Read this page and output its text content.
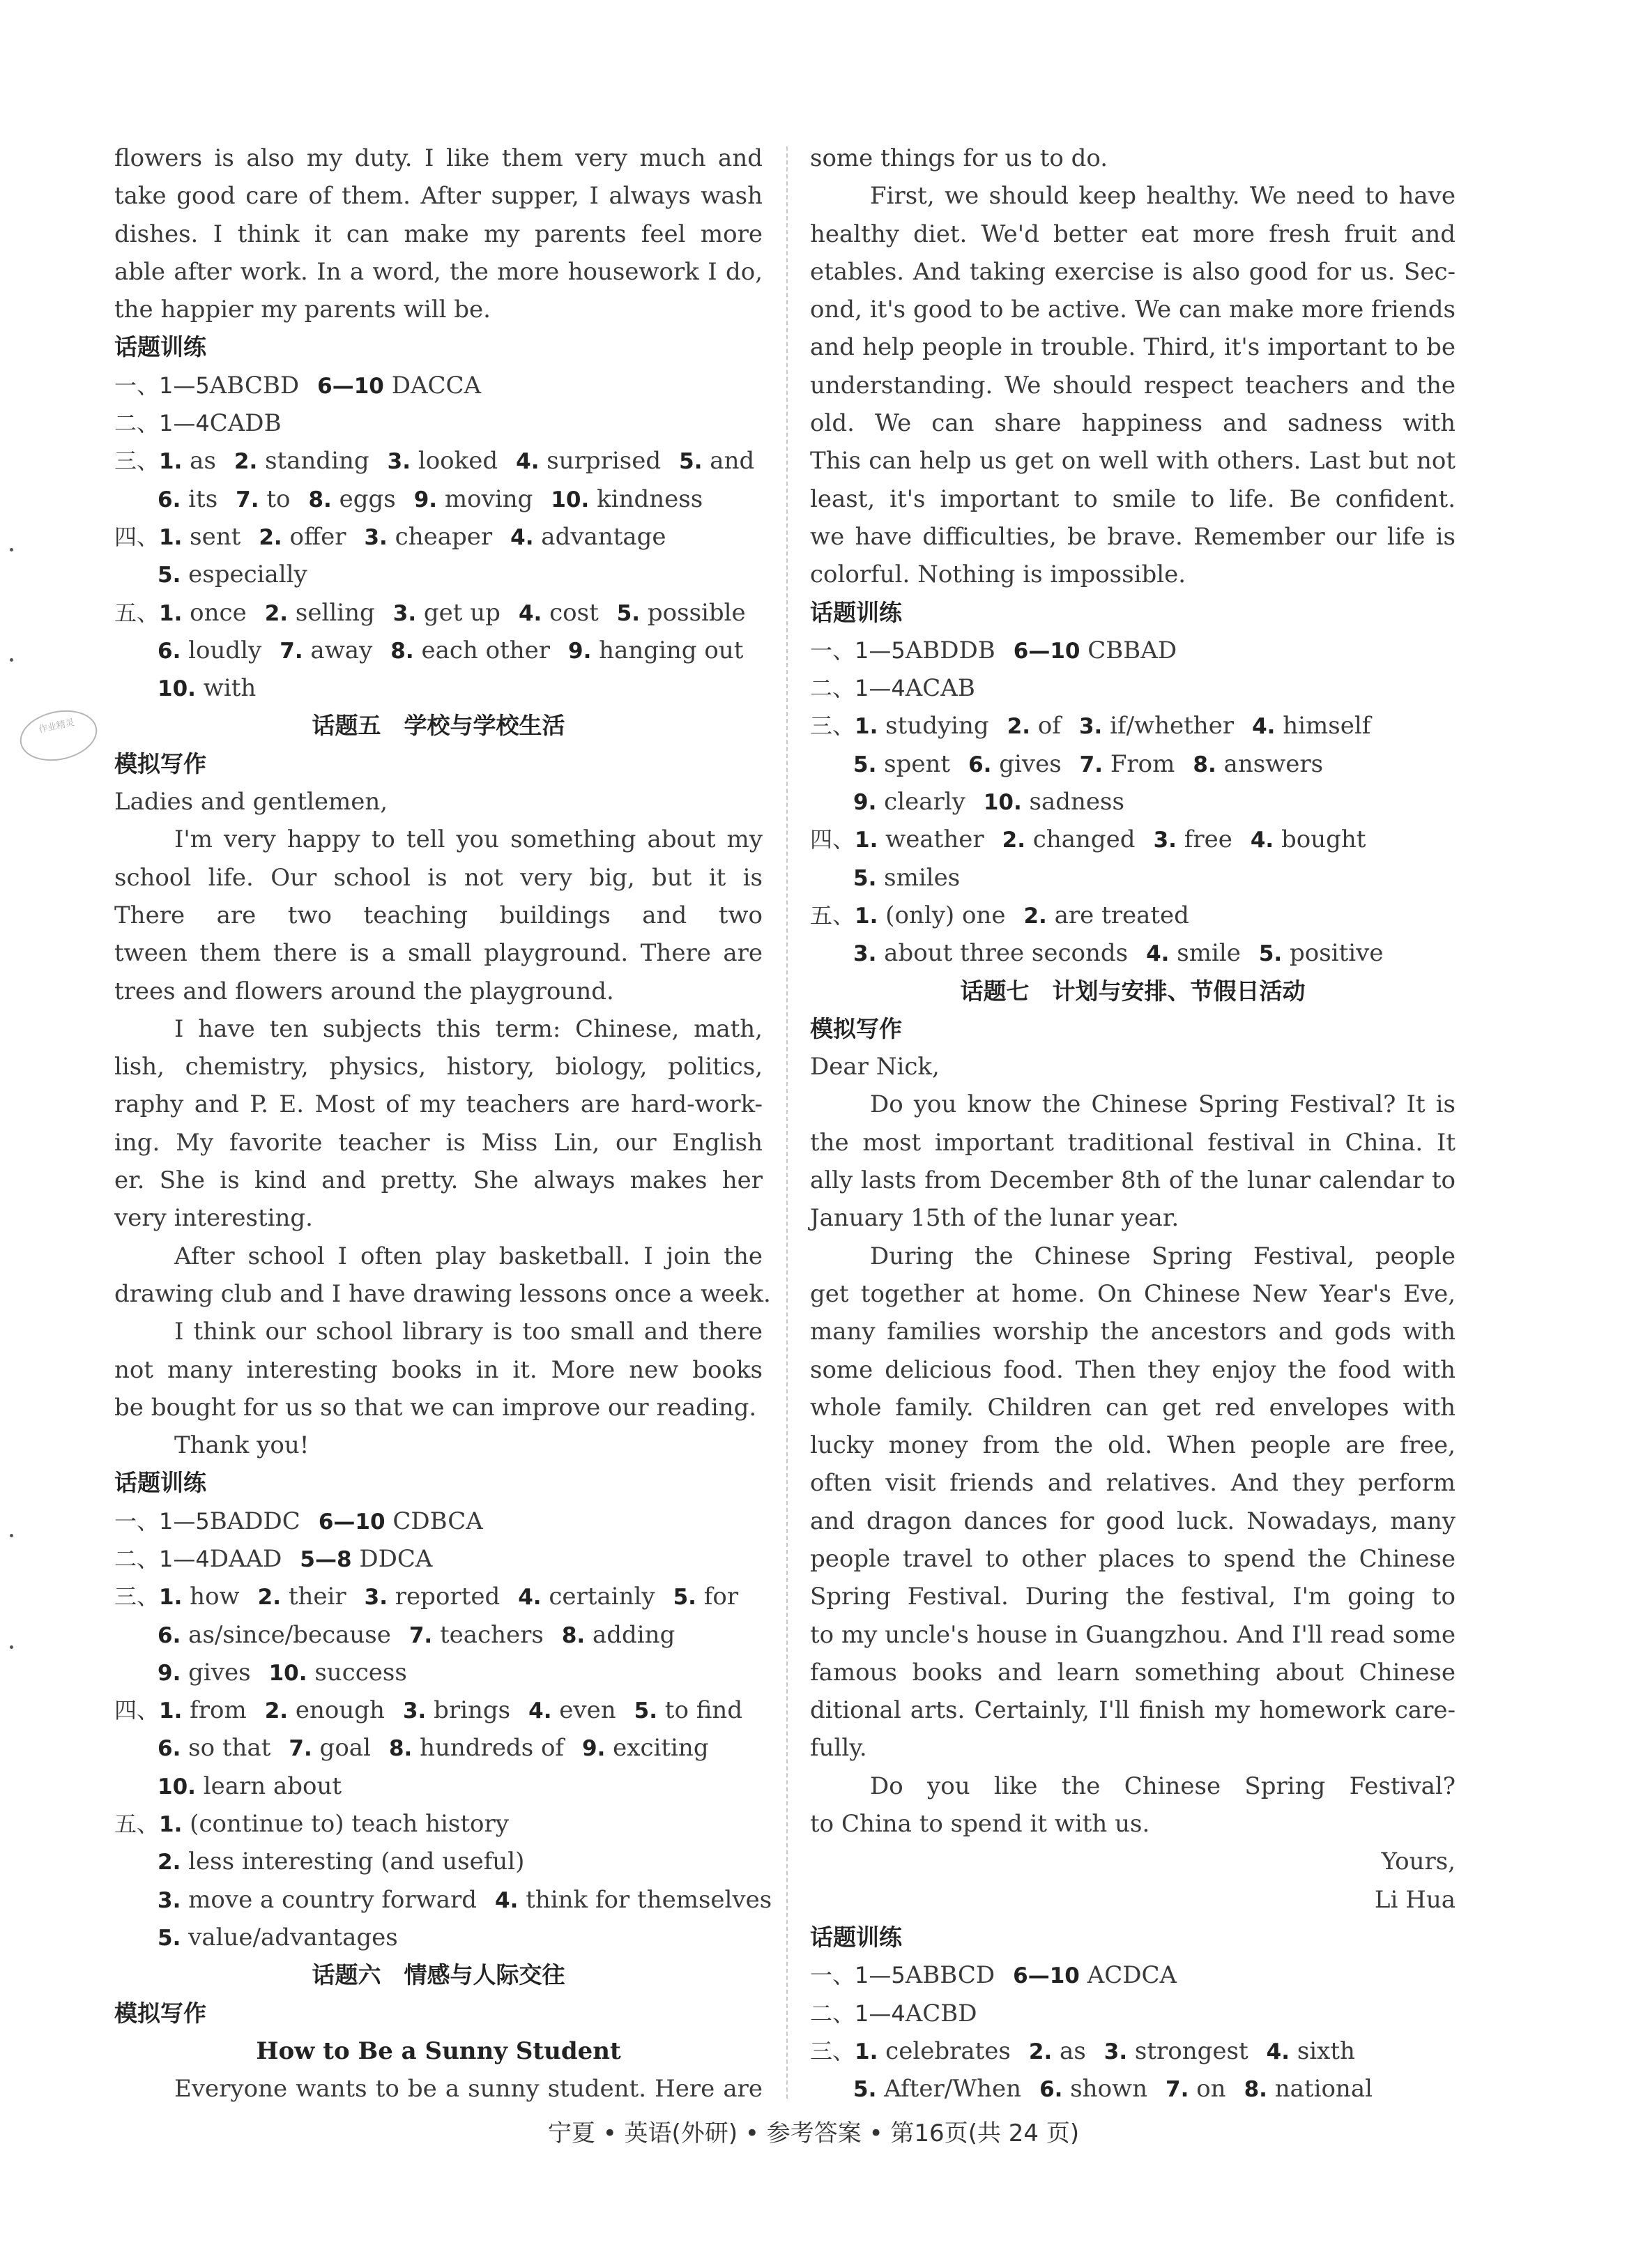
作业精灵
flowers is also my duty. I like them very much and
take good care of them. After supper, I always wash
dishes. I think it can make my parents feel more
able after work. In a word, the more housework I do,
the happier my parents will be.
话题训练
一、1—5ABCBD 6—10 DACCA
二、1—4CADB
三、1. as 2. standing 3. looked 4. surprised 5. and
6. its 7. to 8. eggs 9. moving 10. kindness
四、1. sent 2. offer 3. cheaper 4. advantage
5. especially
五、1. once 2. selling 3. get up 4. cost 5. possible
6. loudly 7. away 8. each other 9. hanging out
10. with
话题五　学校与学校生活
模拟写作
Ladies and gentlemen,
I'm very happy to tell you something about my
school life. Our school is not very big, but it is
There are two teaching buildings and two
tween them there is a small playground. There are
trees and flowers around the playground.
I have ten subjects this term: Chinese, math,
lish, chemistry, physics, history, biology, politics,
raphy and P. E. Most of my teachers are hard-work-
ing. My favorite teacher is Miss Lin, our English
er. She is kind and pretty. She always makes her
very interesting.
After school I often play basketball. I join the
drawing club and I have drawing lessons once a week.
I think our school library is too small and there
not many interesting books in it. More new books
be bought for us so that we can improve our reading.
Thank you!
话题训练
一、1—5BADDC 6—10 CDBCA
二、1—4DAAD 5—8 DDCA
三、1. how 2. their 3. reported 4. certainly 5. for
6. as/since/because 7. teachers 8. adding
9. gives 10. success
四、1. from 2. enough 3. brings 4. even 5. to find
6. so that 7. goal 8. hundreds of 9. exciting
10. learn about
五、1. (continue to) teach history
2. less interesting (and useful)
3. move a country forward 4. think for themselves
5. value/advantages
话题六　情感与人际交往
模拟写作
How to Be a Sunny Student
Everyone wants to be a sunny student. Here are
some things for us to do.
First, we should keep healthy. We need to have
healthy diet. We'd better eat more fresh fruit and
etables. And taking exercise is also good for us. Sec-
ond, it's good to be active. We can make more friends
and help people in trouble. Third, it's important to be
understanding. We should respect teachers and the
old. We can share happiness and sadness with
This can help us get on well with others. Last but not
least, it's important to smile to life. Be confident.
we have difficulties, be brave. Remember our life is
colorful. Nothing is impossible.
话题训练
一、1—5ABDDB 6—10 CBBAD
二、1—4ACAB
三、1. studying 2. of 3. if/whether 4. himself
5. spent 6. gives 7. From 8. answers
9. clearly 10. sadness
四、1. weather 2. changed 3. free 4. bought
5. smiles
五、1. (only) one 2. are treated
3. about three seconds 4. smile 5. positive
话题七　计划与安排、节假日活动
模拟写作
Dear Nick,
Do you know the Chinese Spring Festival? It is
the most important traditional festival in China. It
ally lasts from December 8th of the lunar calendar to
January 15th of the lunar year.
During the Chinese Spring Festival, people
get together at home. On Chinese New Year's Eve,
many families worship the ancestors and gods with
some delicious food. Then they enjoy the food with
whole family. Children can get red envelopes with
lucky money from the old. When people are free,
often visit friends and relatives. And they perform
and dragon dances for good luck. Nowadays, many
people travel to other places to spend the Chinese
Spring Festival. During the festival, I'm going to
to my uncle's house in Guangzhou. And I'll read some
famous books and learn something about Chinese
ditional arts. Certainly, I'll finish my homework care-
fully.
Do you like the Chinese Spring Festival?
to China to spend it with us.
Yours,
Li Hua
话题训练
一、1—5ABBCD 6—10 ACDCA
二、1—4ACBD
三、1. celebrates 2. as 3. strongest 4. sixth
5. After/When 6. shown 7. on 8. national
宁夏 • 英语(外研) • 参考答案 • 第16页(共 24 页)
